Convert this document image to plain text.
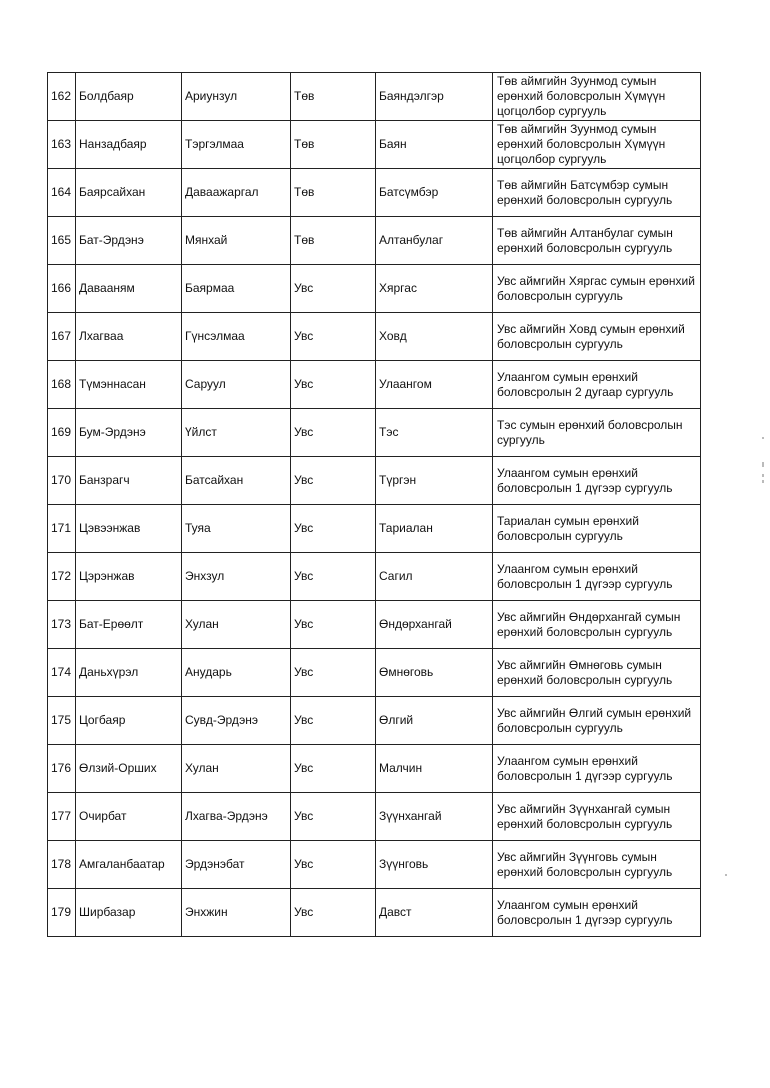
162	Болдбаяр	Ариунзул	Төв	Баяндэлгэр	Төв аймгийн Зуунмод сумын ерөнхий боловсролын Хүмүүн цогцолбор сургууль
163	Нанзадбаяр	Тэргэлмаа	Төв	Баян	Төв аймгийн Зуунмод сумын ерөнхий боловсролын Хүмүүн цогцолбор сургууль
164	Баярсайхан	Даваажаргал	Төв	Батсүмбэр	Төв аймгийн Батсүмбэр сумын ерөнхий боловсролын сургууль
165	Бат-Эрдэнэ	Мянхай	Төв	Алтанбулаг	Төв аймгийн Алтанбулаг сумын ерөнхий боловсролын сургууль
166	Давааням	Баярмаа	Увс	Хяргас	Увс аймгийн Хяргас сумын ерөнхий боловсролын сургууль
167	Лхагваа	Гүнсэлмаа	Увс	Ховд	Увс аймгийн Ховд сумын ерөнхий боловсролын сургууль
168	Түмэннасан	Саруул	Увс	Улаангом	Улаангом сумын ерөнхий боловсролын 2 дугаар сургууль
169	Бум-Эрдэнэ	Үйлст	Увс	Тэс	Тэс сумын ерөнхий боловсролын сургууль
170	Банзрагч	Батсайхан	Увс	Түргэн	Улаангом сумын ерөнхий боловсролын 1 дүгээр сургууль
171	Цэвээнжав	Туяа	Увс	Тариалан	Тариалан сумын ерөнхий боловсролын сургууль
172	Цэрэнжав	Энхзул	Увс	Сагил	Улаангом сумын ерөнхий боловсролын 1 дүгээр сургууль
173	Бат-Ерөөлт	Хулан	Увс	Өндөрхангай	Увс аймгийн Өндөрхангай сумын ерөнхий боловсролын сургууль
174	Даньхүрэл	Анударь	Увс	Өмнөговь	Увс аймгийн Өмнөговь сумын ерөнхий боловсролын сургууль
175	Цогбаяр	Сувд-Эрдэнэ	Увс	Өлгий	Увс аймгийн Өлгий сумын ерөнхий боловсролын сургууль
176	Өлзий-Орших	Хулан	Увс	Малчин	Улаангом сумын ерөнхий боловсролын 1 дүгээр сургууль
177	Очирбат	Лхагва-Эрдэнэ	Увс	Зүүнхангай	Увс аймгийн Зүүнхангай сумын ерөнхий боловсролын сургууль
178	Амгаланбаатар	Эрдэнэбат	Увс	Зүүнговь	Увс аймгийн Зүүнговь сумын ерөнхий боловсролын сургууль
179	Ширбазар	Энхжин	Увс	Давст	Улаангом сумын ерөнхий боловсролын 1 дүгээр сургууль
